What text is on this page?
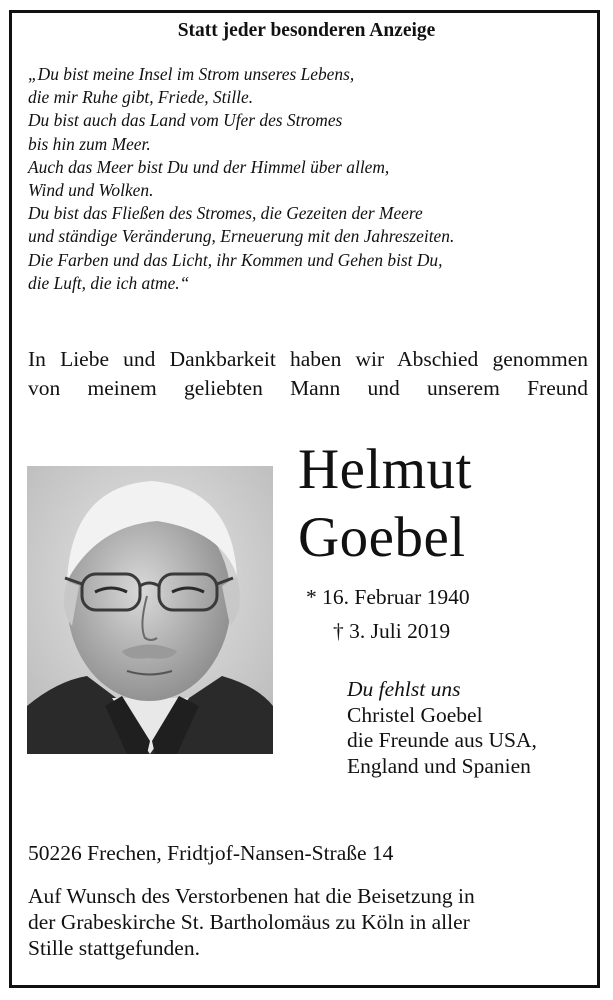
Statt jeder besonderen Anzeige
„Du bist meine Insel im Strom unseres Lebens,
die mir Ruhe gibt, Friede, Stille.
Du bist auch das Land vom Ufer des Stromes
bis hin zum Meer.
Auch das Meer bist Du und der Himmel über allem,
Wind und Wolken.
Du bist das Fließen des Stromes, die Gezeiten der Meere
und ständige Veränderung, Erneuerung mit den Jahreszeiten.
Die Farben und das Licht, ihr Kommen und Gehen bist Du,
die Luft, die ich atme.“
In Liebe und Dankbarkeit haben wir Abschied genommen
von meinem geliebten Mann und unserem Freund
Helmut
Goebel
* 16. Februar 1940
† 3. Juli 2019
Du fehlst uns
Christel Goebel
die Freunde aus USA,
England und Spanien
50226 Frechen, Fridtjof-Nansen-Straße 14
Auf Wunsch des Verstorbenen hat die Beisetzung in
der Grabeskirche St. Bartholomäus zu Köln in aller
Stille stattgefunden.
